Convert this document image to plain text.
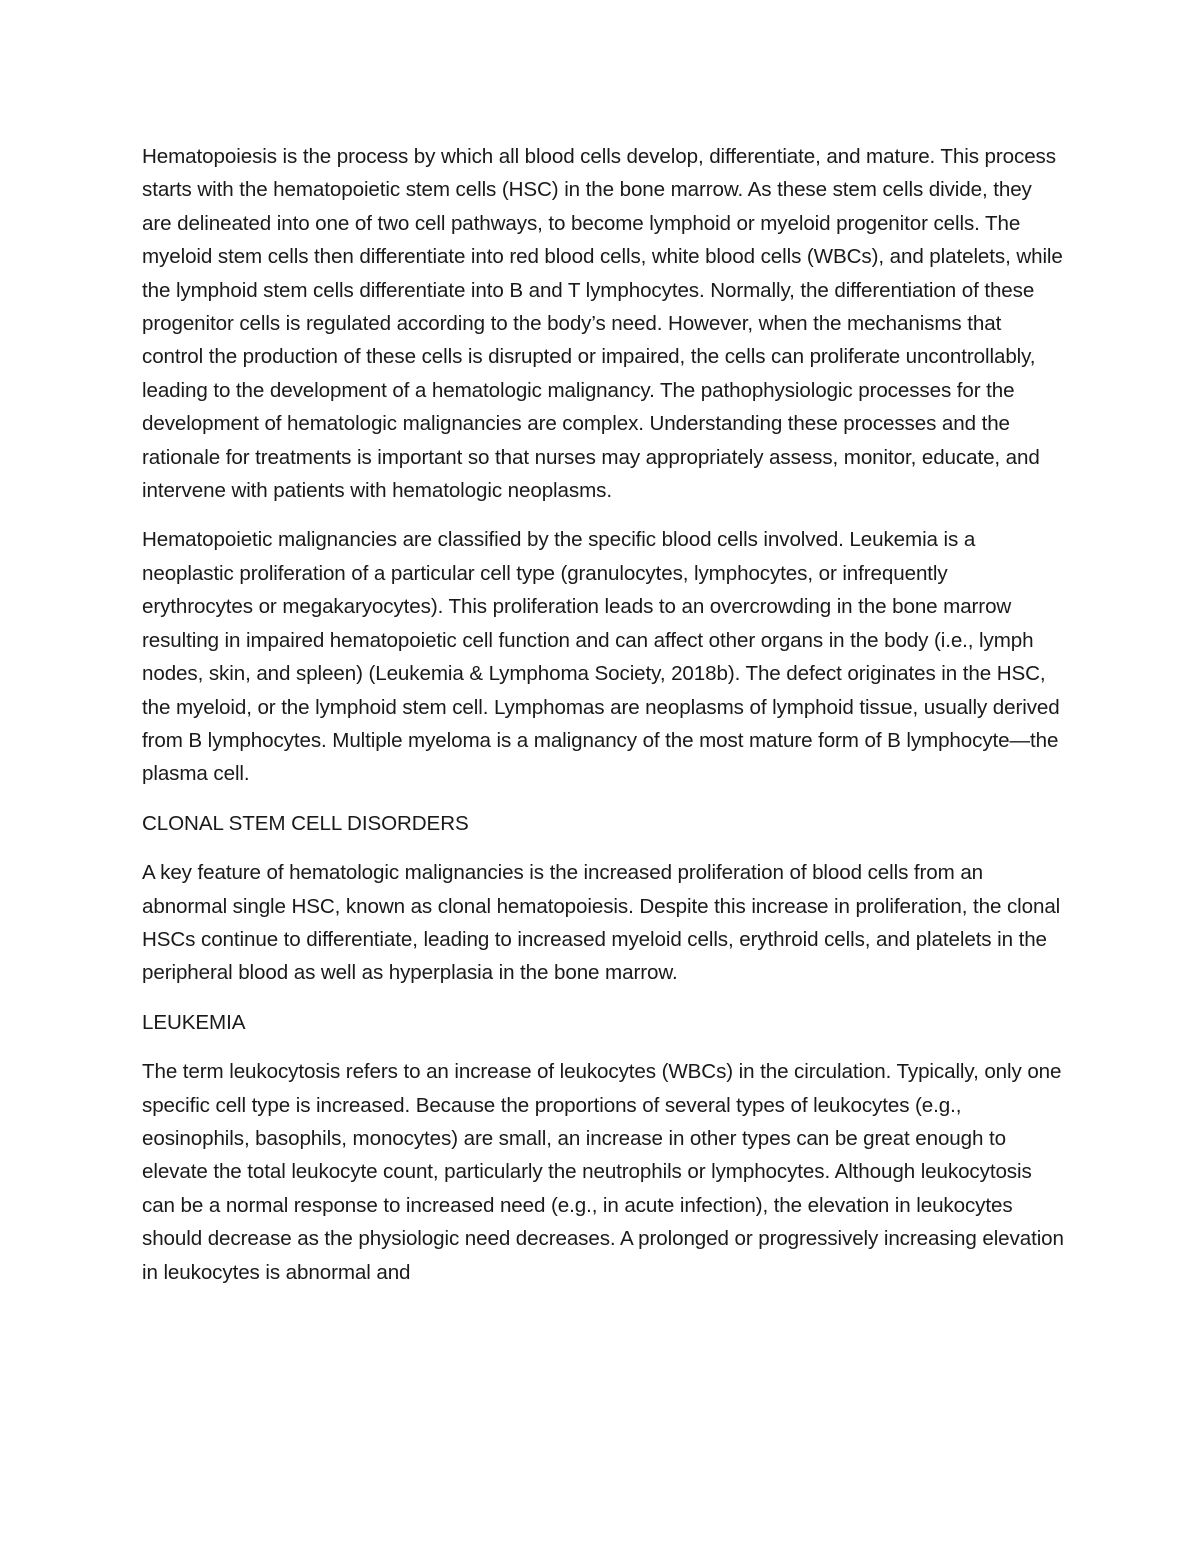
Hematopoiesis is the process by which all blood cells develop, differentiate, and mature. This process starts with the hematopoietic stem cells (HSC) in the bone marrow. As these stem cells divide, they are delineated into one of two cell pathways, to become lymphoid or myeloid progenitor cells. The myeloid stem cells then differentiate into red blood cells, white blood cells (WBCs), and platelets, while the lymphoid stem cells differentiate into B and T lymphocytes. Normally, the differentiation of these progenitor cells is regulated according to the body’s need. However, when the mechanisms that control the production of these cells is disrupted or impaired, the cells can proliferate uncontrollably, leading to the development of a hematologic malignancy. The pathophysiologic processes for the development of hematologic malignancies are complex. Understanding these processes and the rationale for treatments is important so that nurses may appropriately assess, monitor, educate, and intervene with patients with hematologic neoplasms.

Hematopoietic malignancies are classified by the specific blood cells involved. Leukemia is a neoplastic proliferation of a particular cell type (granulocytes, lymphocytes, or infrequently erythrocytes or megakaryocytes). This proliferation leads to an overcrowding in the bone marrow resulting in impaired hematopoietic cell function and can affect other organs in the body (i.e., lymph nodes, skin, and spleen) (Leukemia & Lymphoma Society, 2018b). The defect originates in the HSC, the myeloid, or the lymphoid stem cell. Lymphomas are neoplasms of lymphoid tissue, usually derived from B lymphocytes. Multiple myeloma is a malignancy of the most mature form of B lymphocyte—the plasma cell.

CLONAL STEM CELL DISORDERS

A key feature of hematologic malignancies is the increased proliferation of blood cells from an abnormal single HSC, known as clonal hematopoiesis. Despite this increase in proliferation, the clonal HSCs continue to differentiate, leading to increased myeloid cells, erythroid cells, and platelets in the peripheral blood as well as hyperplasia in the bone marrow.

LEUKEMIA

The term leukocytosis refers to an increase of leukocytes (WBCs) in the circulation. Typically, only one specific cell type is increased. Because the proportions of several types of leukocytes (e.g., eosinophils, basophils, monocytes) are small, an increase in other types can be great enough to elevate the total leukocyte count, particularly the neutrophils or lymphocytes. Although leukocytosis can be a normal response to increased need (e.g., in acute infection), the elevation in leukocytes should decrease as the physiologic need decreases. A prolonged or progressively increasing elevation in leukocytes is abnormal and
